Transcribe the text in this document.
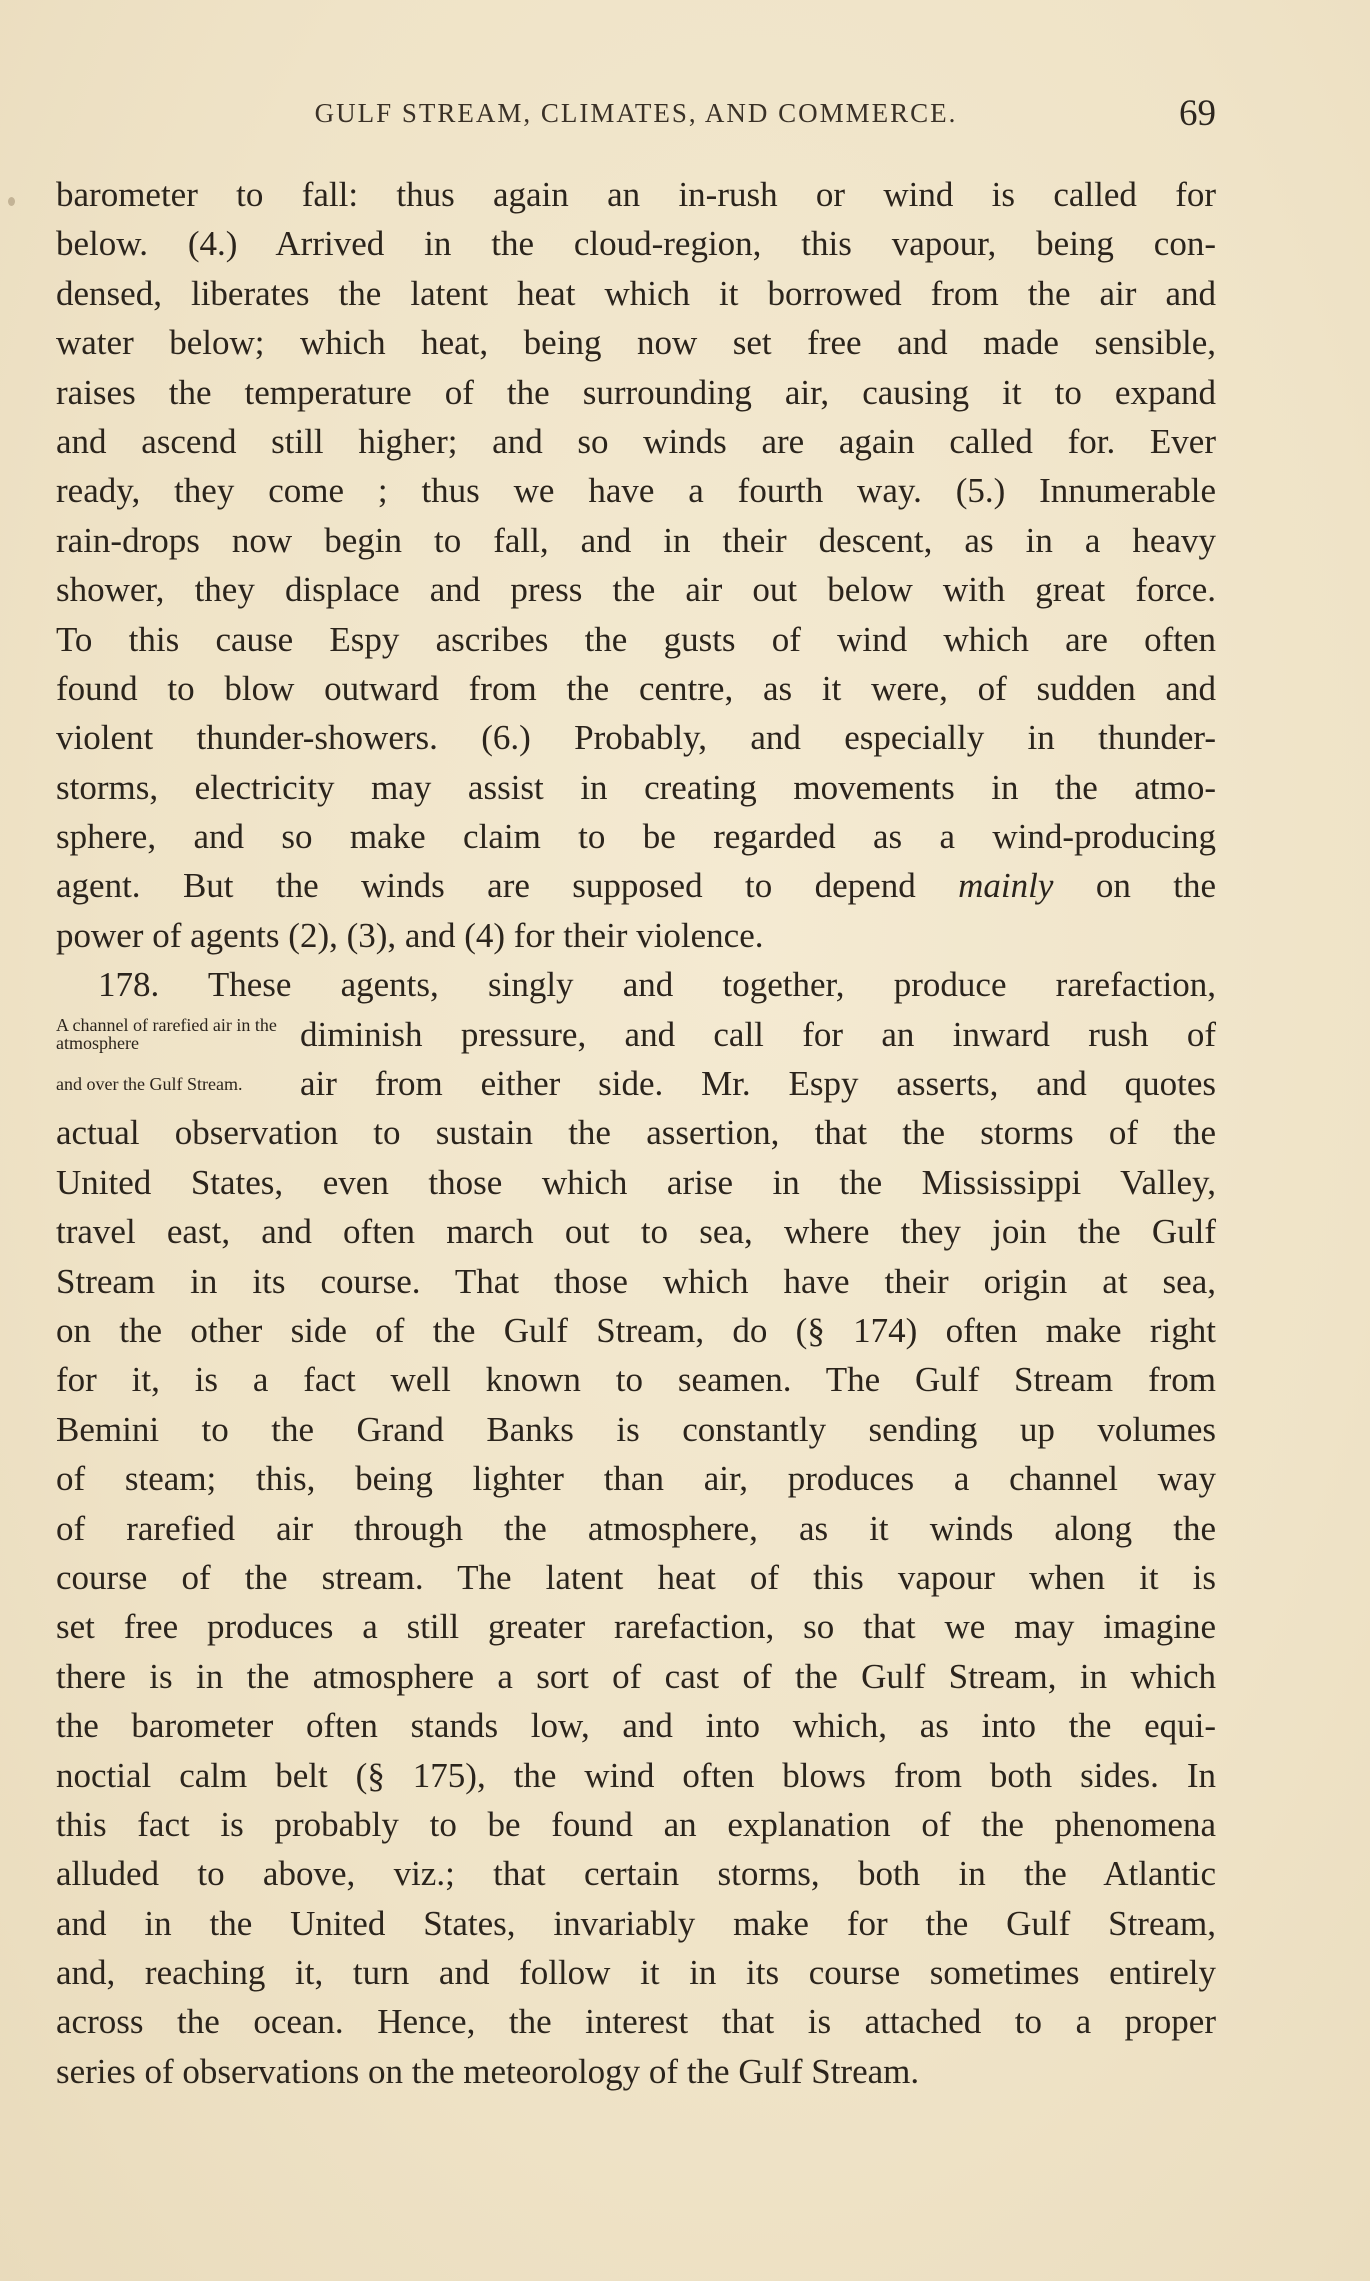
GULF STREAM, CLIMATES, AND COMMERCE.	69
barometer to fall: thus again an in-rush or wind is called for
below. (4.) Arrived in the cloud-region, this vapour, being con-
densed, liberates the latent heat which it borrowed from the air and
water below; which heat, being now set free and made sensible,
raises the temperature of the surrounding air, causing it to expand
and ascend still higher; and so winds are again called for. Ever
ready, they come ; thus we have a fourth way. (5.) Innumerable
rain-drops now begin to fall, and in their descent, as in a heavy
shower, they displace and press the air out below with great force.
To this cause Espy ascribes the gusts of wind which are often
found to blow outward from the centre, as it were, of sudden and
violent thunder-showers. (6.) Probably, and especially in thunder-
storms, electricity may assist in creating movements in the atmo-
sphere, and so make claim to be regarded as a wind-producing
agent. But the winds are supposed to depend mainly on the
power of agents (2), (3), and (4) for their violence.
178. These agents, singly and together, produce rarefaction,
A channel of rarefied air in the atmosphere	diminish pressure, and call for an inward rush of
and over the Gulf Stream.	air from either side. Mr. Espy asserts, and quotes
actual observation to sustain the assertion, that the storms of the
United States, even those which arise in the Mississippi Valley,
travel east, and often march out to sea, where they join the Gulf
Stream in its course. That those which have their origin at sea,
on the other side of the Gulf Stream, do (§ 174) often make right
for it, is a fact well known to seamen. The Gulf Stream from
Bemini to the Grand Banks is constantly sending up volumes
of steam; this, being lighter than air, produces a channel way
of rarefied air through the atmosphere, as it winds along the
course of the stream. The latent heat of this vapour when it is
set free produces a still greater rarefaction, so that we may imagine
there is in the atmosphere a sort of cast of the Gulf Stream, in which
the barometer often stands low, and into which, as into the equi-
noctial calm belt (§ 175), the wind often blows from both sides. In
this fact is probably to be found an explanation of the phenomena
alluded to above, viz.; that certain storms, both in the Atlantic
and in the United States, invariably make for the Gulf Stream,
and, reaching it, turn and follow it in its course sometimes entirely
across the ocean. Hence, the interest that is attached to a proper
series of observations on the meteorology of the Gulf Stream.
